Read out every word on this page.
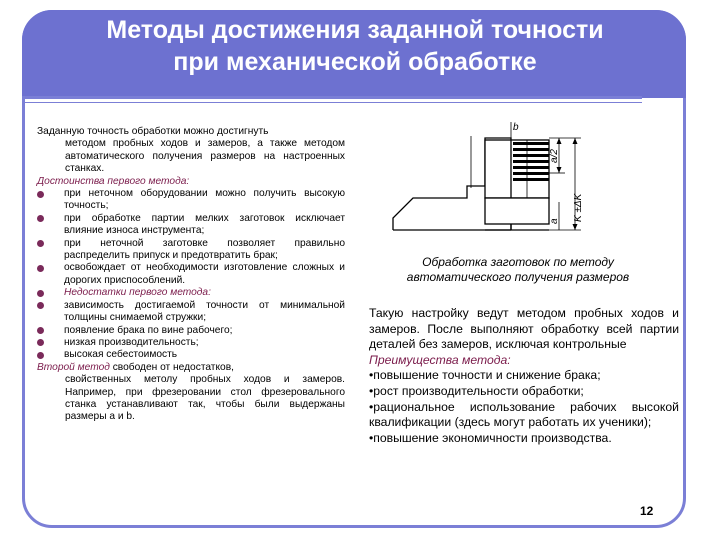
Методы достижения заданной точности
при механической обработке

Заданную точность обработки можно достигнуть

методом пробных ходов и замеров, а также методом автоматического получения размеров на настроенных станках.

Достоинства первого метода:

при неточном оборудовании можно получить высокую точность;
при обработке партии мелких заготовок исключает влияние износа инструмента;
при неточной заготовке позволяет правильно распределить припуск и предотвратить брак;
освобождает от необходимости изготовление сложных и дорогих приспособлений.
Недостатки первого метода:
зависимость достигаемой точности от минимальной толщины снимаемой стружки;
появление брака по вине рабочего;
низкая производительность;
высокая себестоимость

Второй метод свободен от недостатков,

свойственных метолу пробных ходов и замеров. Например, при фрезеровании стол фрезеровального станка устанавливают так, чтобы были выдержаны размеры а и b.

a/2
K ±ΔK
a
b
Обработка заготовок по методу автоматического получения размеров

Такую настройку ведут методом пробных ходов и замеров. После выполняют обработку всей партии деталей без замеров, исключая контрольные

Преимущества метода:

•повышение точности и снижение брака;

•рост производительности обработки;

•рациональное использование рабочих высокой квалификации (здесь могут работать их ученики);

•повышение экономичности производства.

12
